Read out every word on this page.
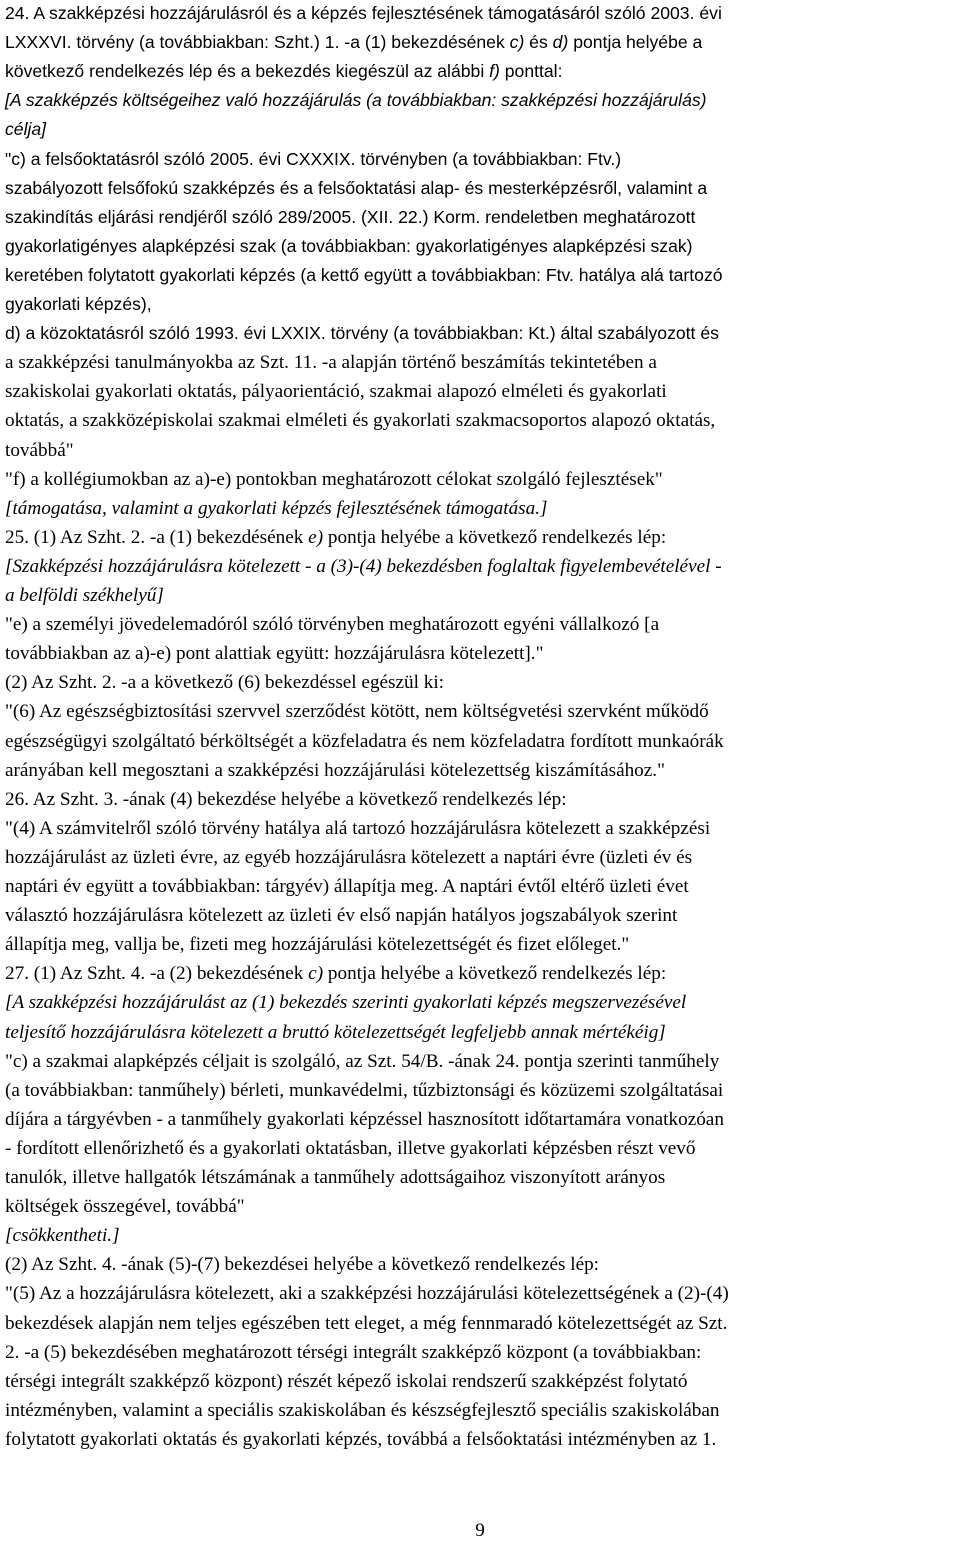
24. A szakképzési hozzájárulásról és a képzés fejlesztésének támogatásáról szóló 2003. évi
LXXXVI. törvény (a továbbiakban: Szht.) 1. -a (1) bekezdésének c) és d) pontja helyébe a
következő rendelkezés lép és a bekezdés kiegészül az alábbi f) ponttal:
[A szakképzés költségeihez való hozzájárulás (a továbbiakban: szakképzési hozzájárulás)
célja]
"c) a felsőoktatásról szóló 2005. évi CXXXIX. törvényben (a továbbiakban: Ftv.)
szabályozott felsőfokú szakképzés és a felsőoktatási alap- és mesterképzésről, valamint a
szakindítás eljárási rendjéről szóló 289/2005. (XII. 22.) Korm. rendeletben meghatározott
gyakorlatigényes alapképzési szak (a továbbiakban: gyakorlatigényes alapképzési szak)
keretében folytatott gyakorlati képzés (a kettő együtt a továbbiakban: Ftv. hatálya alá tartozó
gyakorlati képzés),
d) a közoktatásról szóló 1993. évi LXXIX. törvény (a továbbiakban: Kt.) által szabályozott és
a szakképzési tanulmányokba az Szt. 11. -a alapján történő beszámítás tekintetében a
szakiskolai gyakorlati oktatás, pályaorientáció, szakmai alapozó elméleti és gyakorlati
oktatás, a szakközépiskolai szakmai elméleti és gyakorlati szakmacsoportos alapozó oktatás,
továbbá"
"f) a kollégiumokban az a)-e) pontokban meghatározott célokat szolgáló fejlesztések"
[támogatása, valamint a gyakorlati képzés fejlesztésének támogatása.]
25. (1) Az Szht. 2. -a (1) bekezdésének e) pontja helyébe a következő rendelkezés lép:
[Szakképzési hozzájárulásra kötelezett - a (3)-(4) bekezdésben foglaltak figyelembevételével -
a belföldi székhelyű]
"e) a személyi jövedelemadóról szóló törvényben meghatározott egyéni vállalkozó [a
továbbiakban az a)-e) pont alattiak együtt: hozzájárulásra kötelezett]."
(2) Az Szht. 2. -a a következő (6) bekezdéssel egészül ki:
"(6) Az egészségbiztosítási szervvel szerződést kötött, nem költségvetési szervként működő
egészségügyi szolgáltató bérköltségét a közfeladatra és nem közfeladatra fordított munkaórák
arányában kell megosztani a szakképzési hozzájárulási kötelezettség kiszámításához."
26. Az Szht. 3. -ának (4) bekezdése helyébe a következő rendelkezés lép:
"(4) A számvitelről szóló törvény hatálya alá tartozó hozzájárulásra kötelezett a szakképzési
hozzájárulást az üzleti évre, az egyéb hozzájárulásra kötelezett a naptári évre (üzleti év és
naptári év együtt a továbbiakban: tárgyév) állapítja meg. A naptári évtől eltérő üzleti évet
választó hozzájárulásra kötelezett az üzleti év első napján hatályos jogszabályok szerint
állapítja meg, vallja be, fizeti meg hozzájárulási kötelezettségét és fizet előleget."
27. (1) Az Szht. 4. -a (2) bekezdésének c) pontja helyébe a következő rendelkezés lép:
[A szakképzési hozzájárulást az (1) bekezdés szerinti gyakorlati képzés megszervezésével
teljesítő hozzájárulásra kötelezett a bruttó kötelezettségét legfeljebb annak mértékéig]
"c) a szakmai alapképzés céljait is szolgáló, az Szt. 54/B. -ának 24. pontja szerinti tanműhely
(a továbbiakban: tanműhely) bérleti, munkavédelmi, tűzbiztonsági és közüzemi szolgáltatásai
díjára a tárgyévben - a tanműhely gyakorlati képzéssel hasznosított időtartamára vonatkozóan
- fordított ellenőrizhető és a gyakorlati oktatásban, illetve gyakorlati képzésben részt vevő
tanulók, illetve hallgatók létszámának a tanműhely adottságaihoz viszonyított arányos
költségek összegével, továbbá"
[csökkentheti.]
(2) Az Szht. 4. -ának (5)-(7) bekezdései helyébe a következő rendelkezés lép:
"(5) Az a hozzájárulásra kötelezett, aki a szakképzési hozzájárulási kötelezettségének a (2)-(4)
bekezdések alapján nem teljes egészében tett eleget, a még fennmaradó kötelezettségét az Szt.
2. -a (5) bekezdésében meghatározott térségi integrált szakképző központ (a továbbiakban:
térségi integrált szakképző központ) részét képező iskolai rendszerű szakképzést folytató
intézményben, valamint a speciális szakiskolában és készségfejlesztő speciális szakiskolában
folytatott gyakorlati oktatás és gyakorlati képzés, továbbá a felsőoktatási intézményben az 1.
9
